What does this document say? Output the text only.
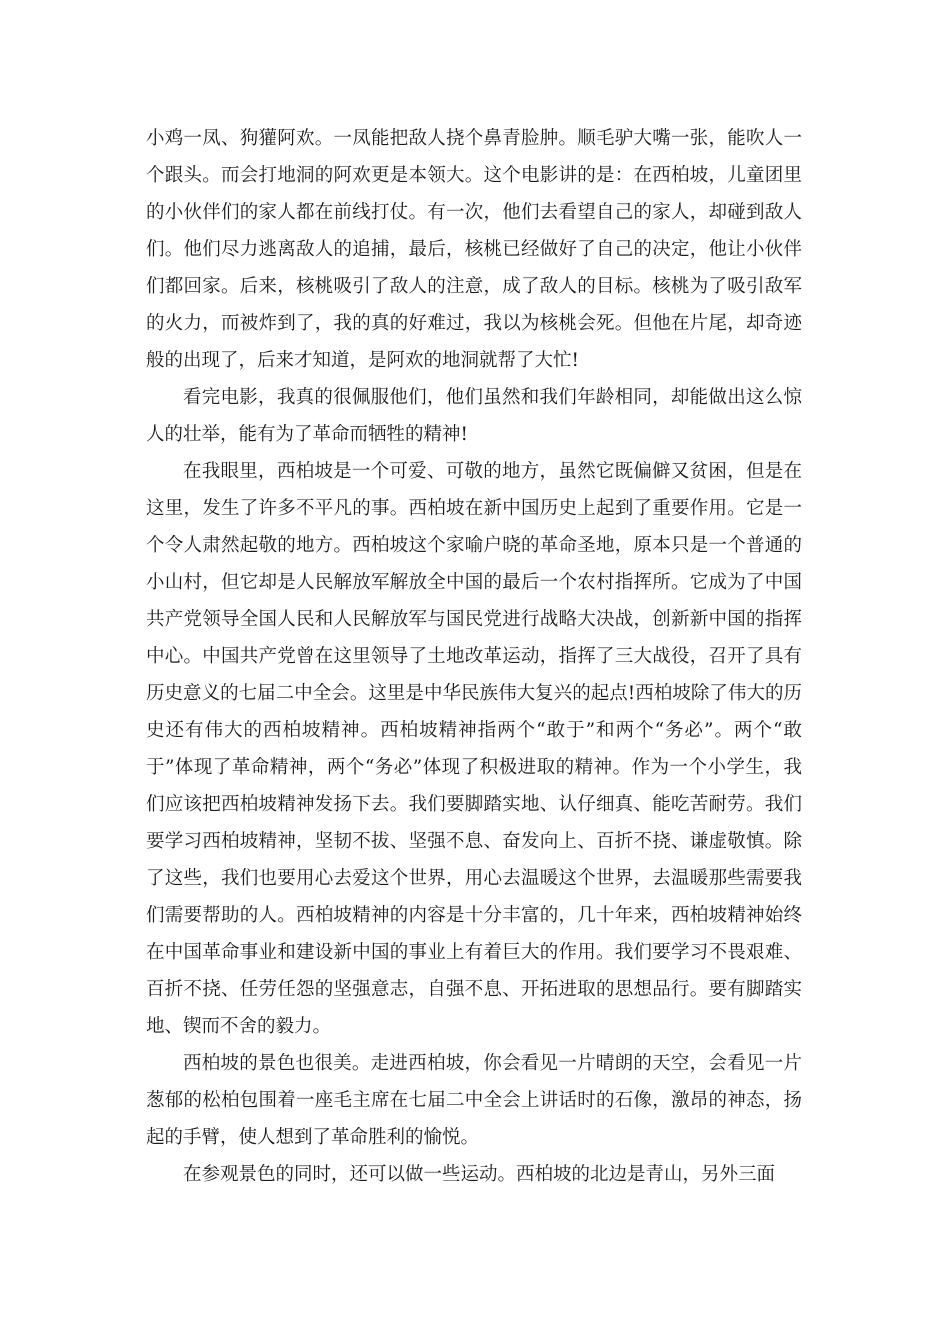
小鸡一凤、狗獾阿欢。一凤能把敌人挠个鼻青脸肿。顺毛驴大嘴一张，能吹人一个跟头。而会打地洞的阿欢更是本领大。这个电影讲的是：在西柏坡，儿童团里的小伙伴们的家人都在前线打仗。有一次，他们去看望自己的家人，却碰到敌人们。他们尽力逃离敌人的追捕，最后，核桃已经做好了自己的决定，他让小伙伴们都回家。后来，核桃吸引了敌人的注意，成了敌人的目标。核桃为了吸引敌军的火力，而被炸到了，我的真的好难过，我以为核桃会死。但他在片尾，却奇迹般的出现了，后来才知道，是阿欢的地洞就帮了大忙!

看完电影，我真的很佩服他们，他们虽然和我们年龄相同，却能做出这么惊人的壮举，能有为了革命而牺牲的精神!

在我眼里，西柏坡是一个可爱、可敬的地方，虽然它既偏僻又贫困，但是在这里，发生了许多不平凡的事。西柏坡在新中国历史上起到了重要作用。它是一个令人肃然起敬的地方。西柏坡这个家喻户晓的革命圣地，原本只是一个普通的小山村，但它却是人民解放军解放全中国的最后一个农村指挥所。它成为了中国共产党领导全国人民和人民解放军与国民党进行战略大决战，创新新中国的指挥中心。中国共产党曾在这里领导了土地改革运动，指挥了三大战役，召开了具有历史意义的七届二中全会。这里是中华民族伟大复兴的起点!西柏坡除了伟大的历史还有伟大的西柏坡精神。西柏坡精神指两个“敢于”和两个“务必”。两个“敢于”体现了革命精神，两个“务必”体现了积极进取的精神。作为一个小学生，我们应该把西柏坡精神发扬下去。我们要脚踏实地、认仔细真、能吃苦耐劳。我们要学习西柏坡精神，坚韧不拔、坚强不息、奋发向上、百折不挠、谦虚敬慎。除了这些，我们也要用心去爱这个世界，用心去温暖这个世界，去温暖那些需要我们需要帮助的人。西柏坡精神的内容是十分丰富的，几十年来，西柏坡精神始终在中国革命事业和建设新中国的事业上有着巨大的作用。我们要学习不畏艰难、百折不挠、任劳任怨的坚强意志，自强不息、开拓进取的思想品行。要有脚踏实地、锲而不舍的毅力。

西柏坡的景色也很美。走进西柏坡，你会看见一片晴朗的天空，会看见一片葱郁的松柏包围着一座毛主席在七届二中全会上讲话时的石像，激昂的神态，扬起的手臂，使人想到了革命胜利的愉悦。

在参观景色的同时，还可以做一些运动。西柏坡的北边是青山，另外三面
